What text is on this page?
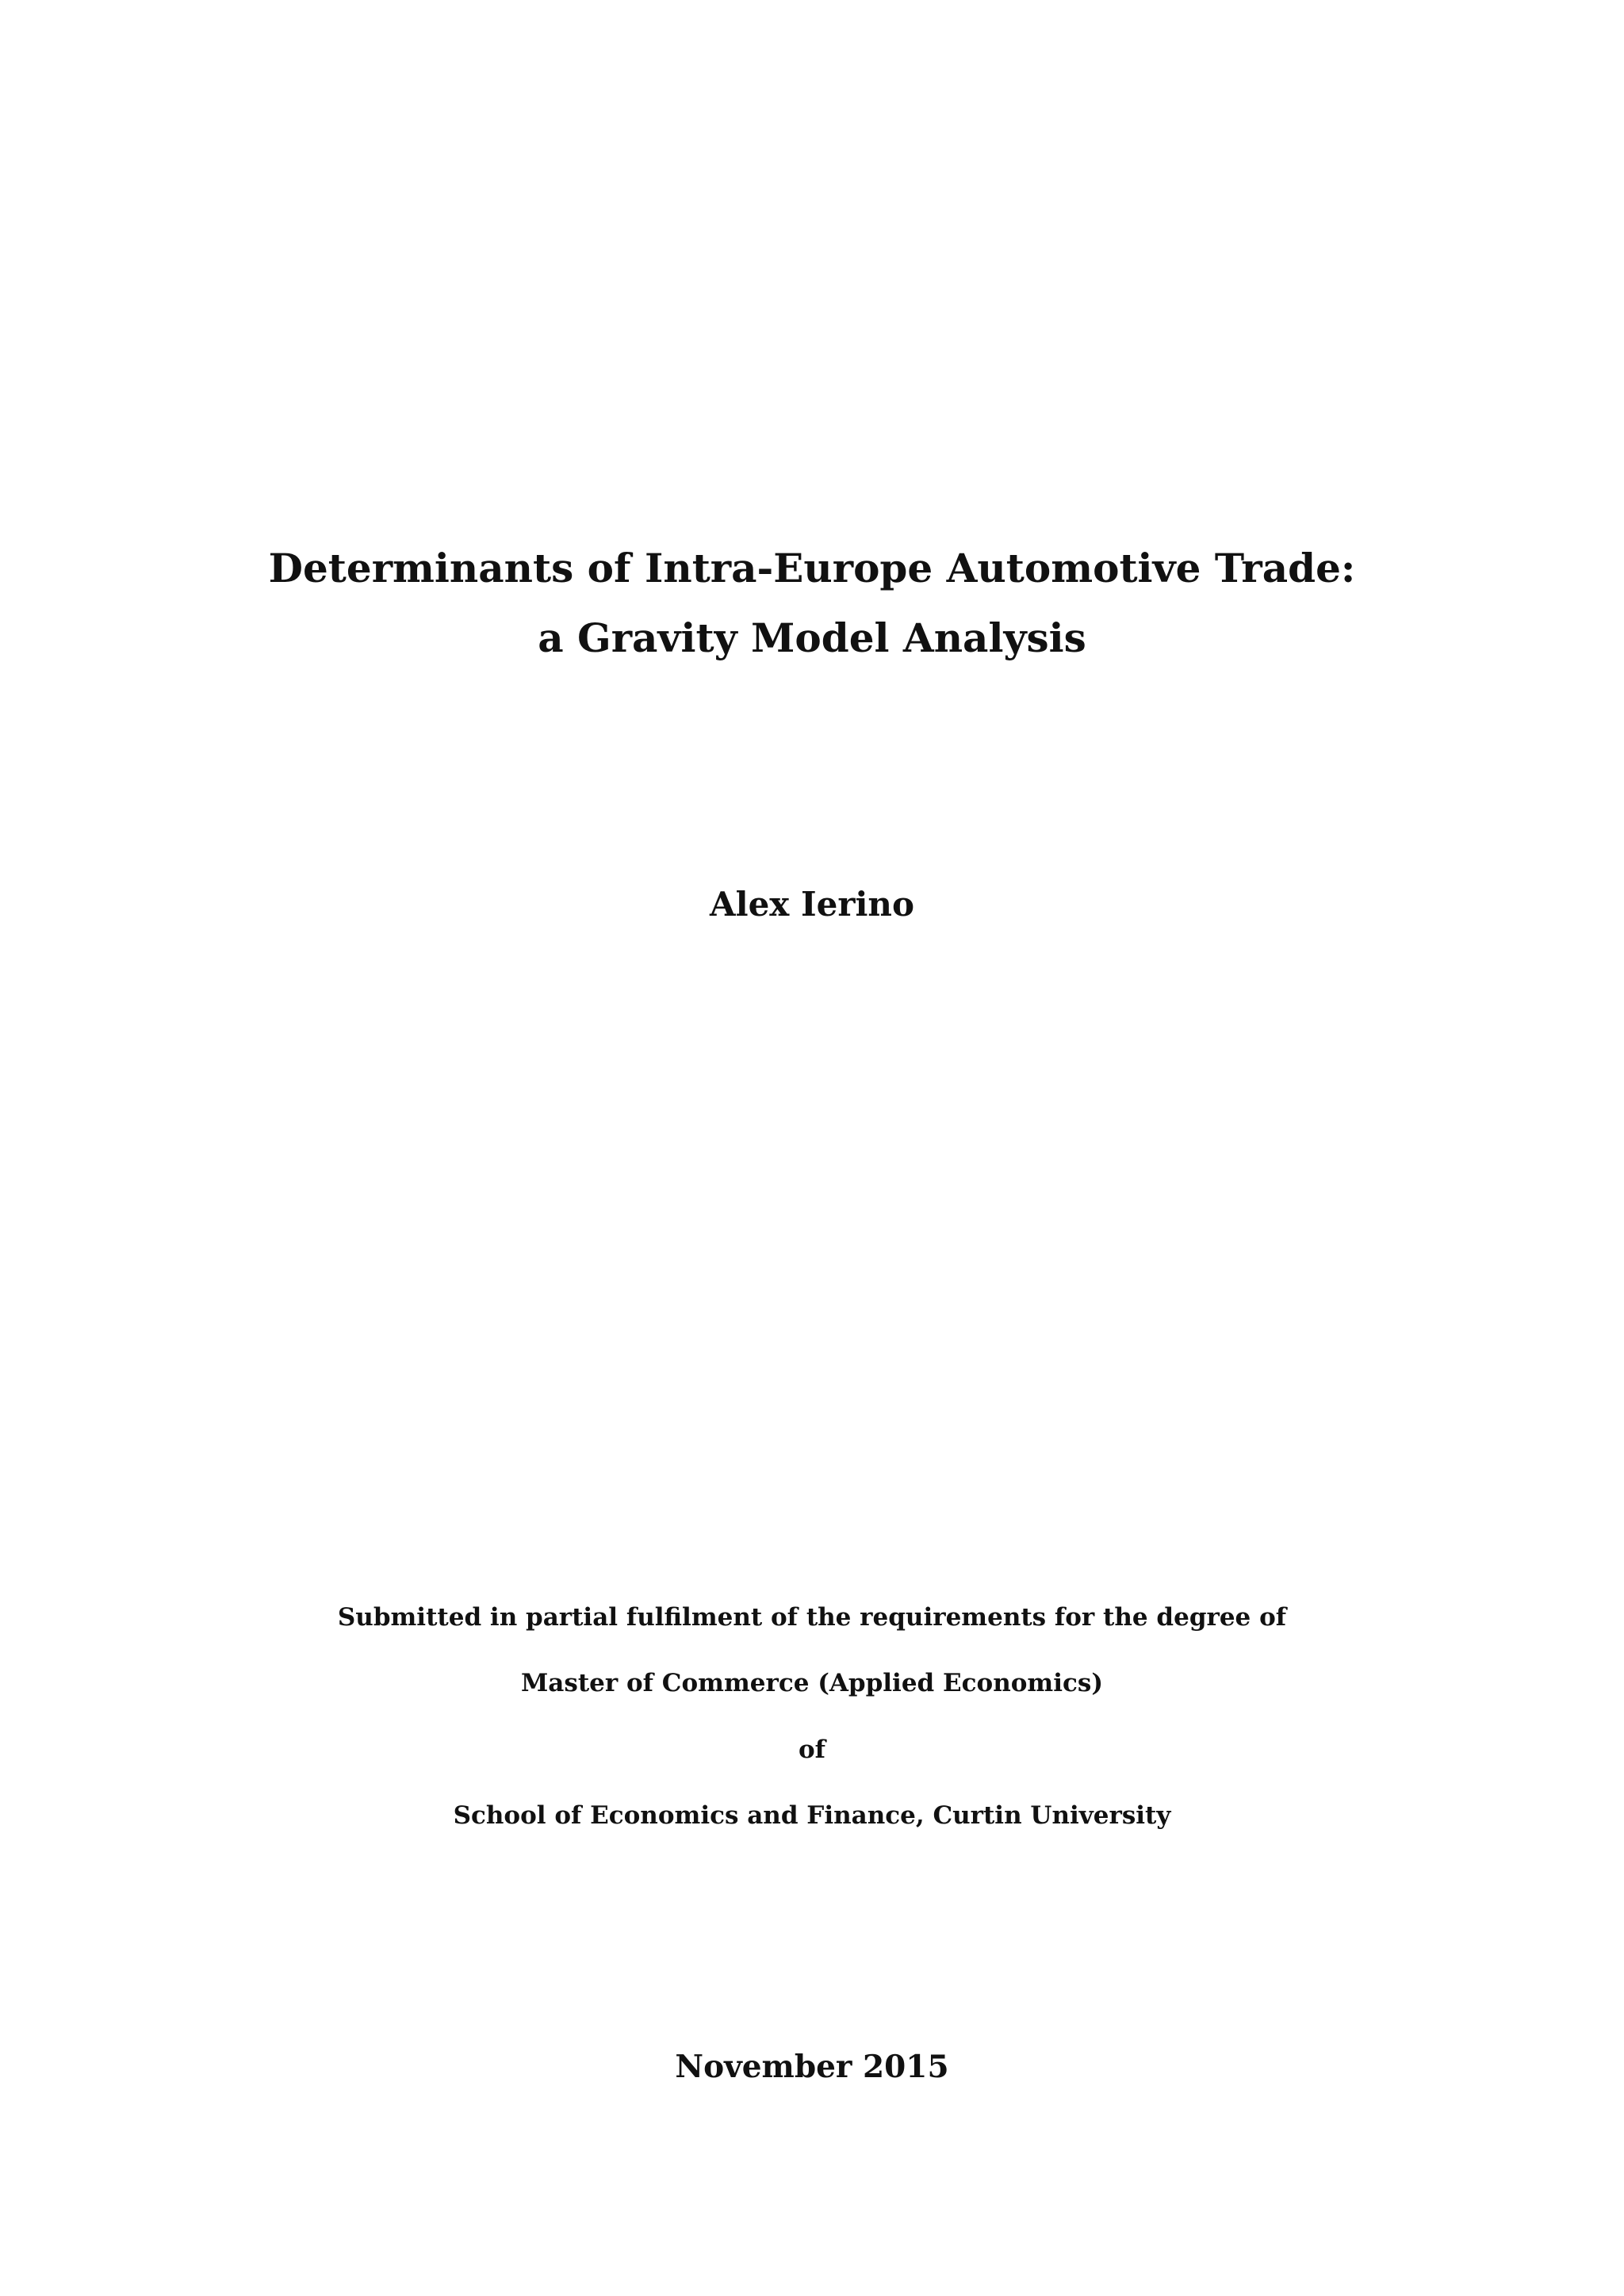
Determinants of Intra-Europe Automotive Trade:
a Gravity Model Analysis
Alex Ierino
Submitted in partial fulfilment of the requirements for the degree of
Master of Commerce (Applied Economics)
of
School of Economics and Finance, Curtin University
November 2015
